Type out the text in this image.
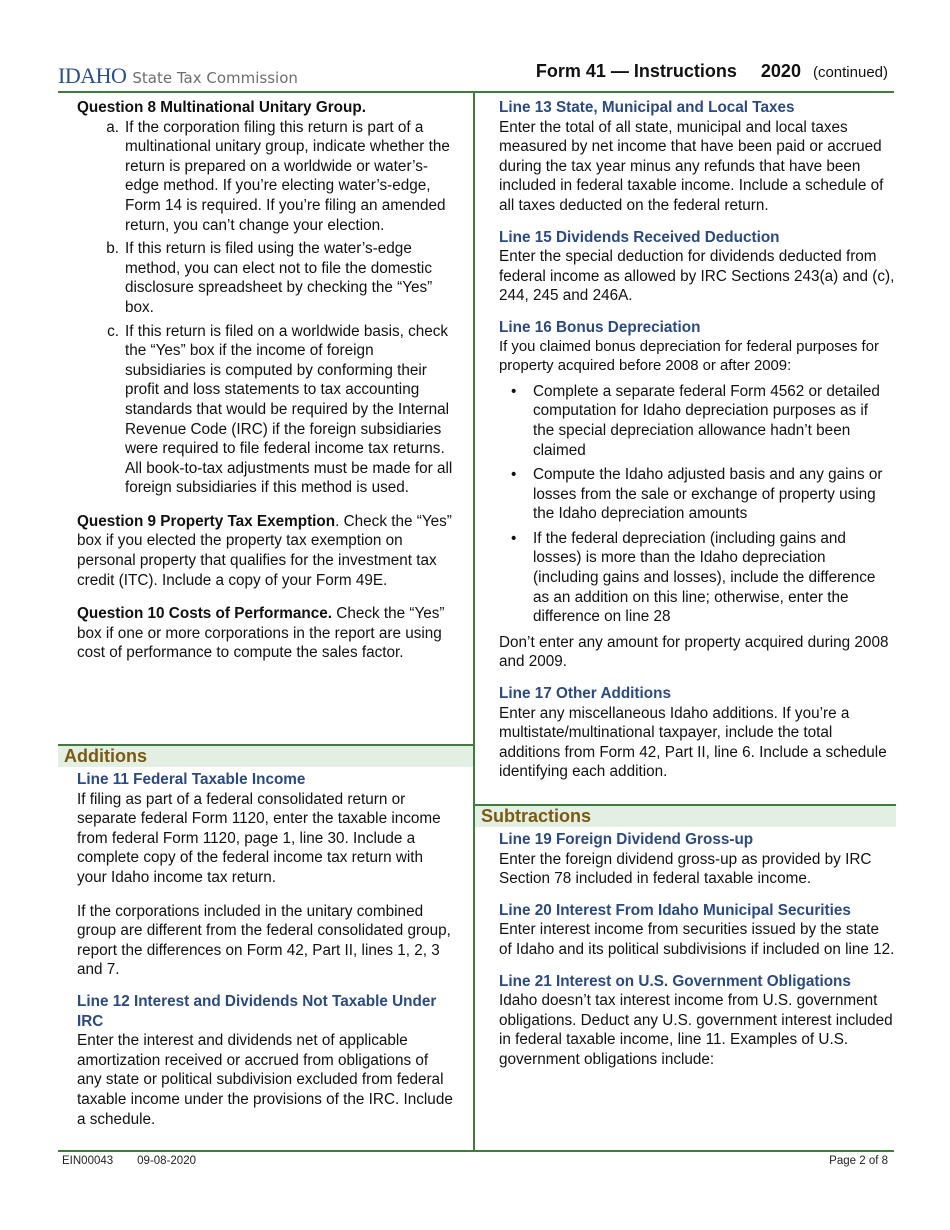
IDAHO State Tax Commission	Form 41 — Instructions 2020 (continued)

Question 8 Multinational Unitary Group.

a. If the corporation filing this return is part of a multinational unitary group, indicate whether the return is prepared on a worldwide or water’s-edge method. If you’re electing water’s-edge, Form 14 is required. If you’re filing an amended return, you can’t change your election.
b. If this return is filed using the water’s-edge method, you can elect not to file the domestic disclosure spreadsheet by checking the “Yes” box.
c. If this return is filed on a worldwide basis, check the “Yes” box if the income of foreign subsidiaries is computed by conforming their profit and loss statements to tax accounting standards that would be required by the Internal Revenue Code (IRC) if the foreign subsidiaries were required to file federal income tax returns. All book-to-tax adjustments must be made for all foreign subsidiaries if this method is used.

Question 9 Property Tax Exemption. Check the “Yes” box if you elected the property tax exemption on personal property that qualifies for the investment tax credit (ITC). Include a copy of your Form 49E.

Question 10 Costs of Performance. Check the “Yes” box if one or more corporations in the report are using cost of performance to compute the sales factor.

Additions

Line 11 Federal Taxable Income

If filing as part of a federal consolidated return or separate federal Form 1120, enter the taxable income from federal Form 1120, page 1, line 30. Include a complete copy of the federal income tax return with your Idaho income tax return.

If the corporations included in the unitary combined group are different from the federal consolidated group, report the differences on Form 42, Part II, lines 1, 2, 3 and 7.

Line 12 Interest and Dividends Not Taxable Under IRC

Enter the interest and dividends net of applicable amortization received or accrued from obligations of any state or political subdivision excluded from federal taxable income under the provisions of the IRC. Include a schedule.

Line 13 State, Municipal and Local Taxes

Enter the total of all state, municipal and local taxes measured by net income that have been paid or accrued during the tax year minus any refunds that have been included in federal taxable income. Include a schedule of all taxes deducted on the federal return.

Line 15 Dividends Received Deduction

Enter the special deduction for dividends deducted from federal income as allowed by IRC Sections 243(a) and (c), 244, 245 and 246A.

Line 16 Bonus Depreciation

If you claimed bonus depreciation for federal purposes for property acquired before 2008 or after 2009:

•	Complete a separate federal Form 4562 or detailed computation for Idaho depreciation purposes as if the special depreciation allowance hadn’t been claimed
•	Compute the Idaho adjusted basis and any gains or losses from the sale or exchange of property using the Idaho depreciation amounts
•	If the federal depreciation (including gains and losses) is more than the Idaho depreciation (including gains and losses), include the difference as an addition on this line; otherwise, enter the difference on line 28

Don’t enter any amount for property acquired during 2008 and 2009.

Line 17 Other Additions

Enter any miscellaneous Idaho additions. If you’re a multistate/multinational taxpayer, include the total additions from Form 42, Part II, line 6. Include a schedule identifying each addition.

Subtractions

Line 19 Foreign Dividend Gross-up

Enter the foreign dividend gross-up as provided by IRC Section 78 included in federal taxable income.

Line 20 Interest From Idaho Municipal Securities

Enter interest income from securities issued by the state of Idaho and its political subdivisions if included on line 12.

Line 21 Interest on U.S. Government Obligations

Idaho doesn’t tax interest income from U.S. government obligations. Deduct any U.S. government interest included in federal taxable income, line 11. Examples of U.S. government obligations include:

EIN00043 09-08-2020	Page 2 of 8
